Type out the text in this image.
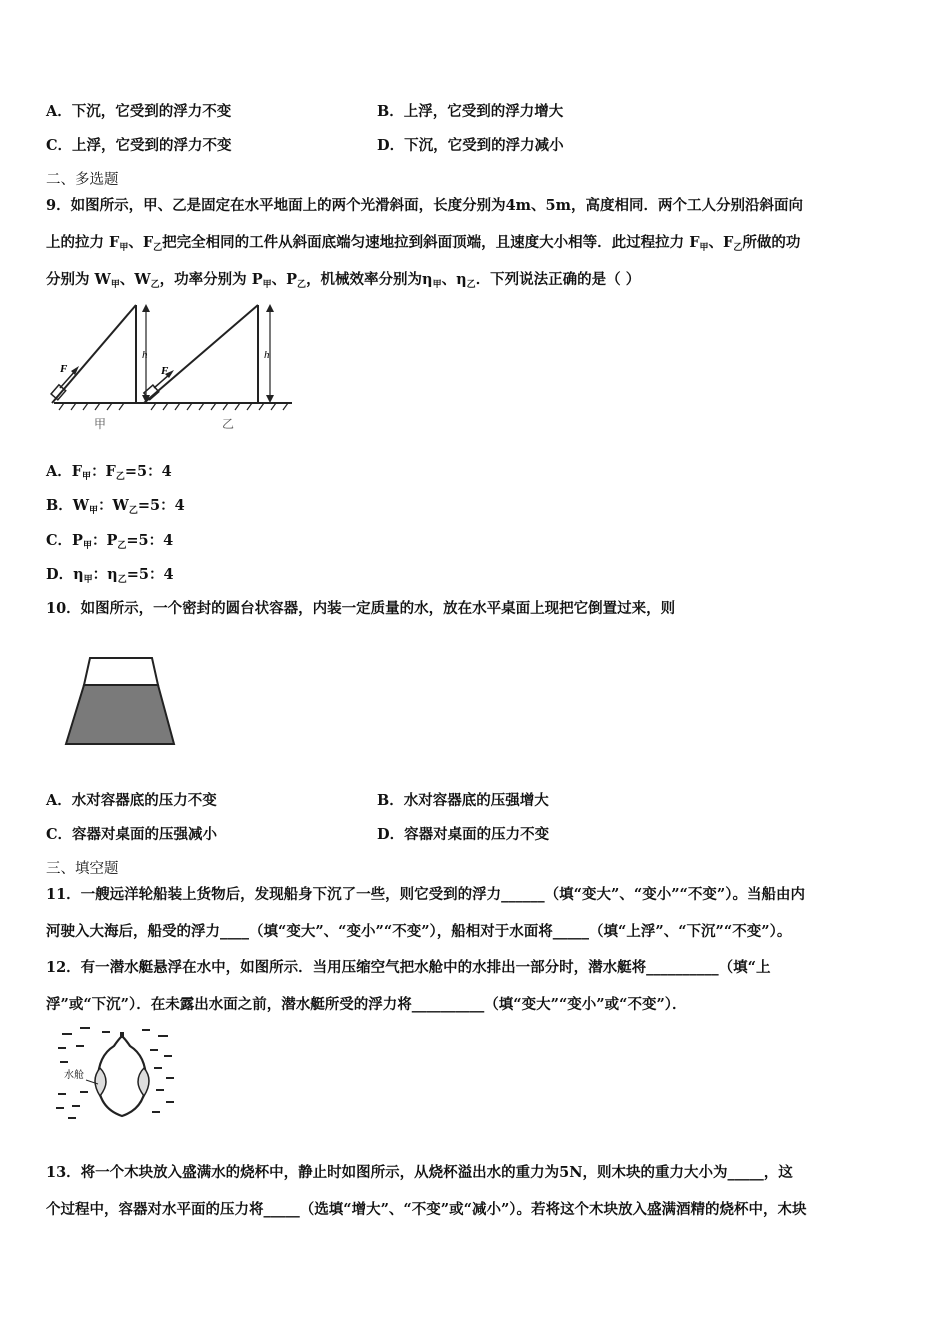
A．下沉，它受到的浮力不变	B．上浮，它受到的浮力增大
C．上浮，它受到的浮力不变	D．下沉，它受到的浮力减小
二、多选题
9．如图所示，甲、乙是固定在水平地面上的两个光滑斜面，长度分别为4m、5m，高度相同．两个工人分别沿斜面向
上的拉力 $F_甲$、$F_乙$把完全相同的工件从斜面底端匀速地拉到斜面顶端，且速度大小相等．此过程拉力 $F_甲$、$F_乙$所做的功
分别为 $W_甲$、$W_乙$，功率分别为 $P_甲$、$P_乙$，机械效率分别为$\eta_甲$、$\eta_乙$．下列说法正确的是（ ）
F	F
h	h
甲	乙
A．$F_甲$：$F_乙=5$：4
B．$W_甲$：$W_乙=5$：4
C．$P_甲$：$P_乙=5$：4
D．$\eta_甲$：$\eta_乙=5$：4
10．如图所示，一个密封的圆台状容器，内装一定质量的水，放在水平桌面上现把它倒置过来，则
A．水对容器底的压力不变	B．水对容器底的压强增大
C．容器对桌面的压强减小	D．容器对桌面的压力不变
三、填空题
11．一艘远洋轮船装上货物后，发现船身下沉了一些，则它受到的浮力______（填“变大”、“变小”“不变”）。当船由内
河驶入大海后，船受的浮力____（填“变大”、“变小”“不变”），船相对于水面将_____（填“上浮”、“下沉”“不变”）。
12．有一潜水艇悬浮在水中，如图所示．当用压缩空气把水舱中的水排出一部分时，潜水艇将__________（填“上
浮”或“下沉”）．在未露出水面之前，潜水艇所受的浮力将__________（填“变大”“变小”或“不变”）．
水舱
13．将一个木块放入盛满水的烧杯中，静止时如图所示，从烧杯溢出水的重力为5N，则木块的重力大小为_____，这
个过程中，容器对水平面的压力将_____（选填“增大”、“不变”或“减小”）。若将这个木块放入盛满酒精的烧杯中，木块
